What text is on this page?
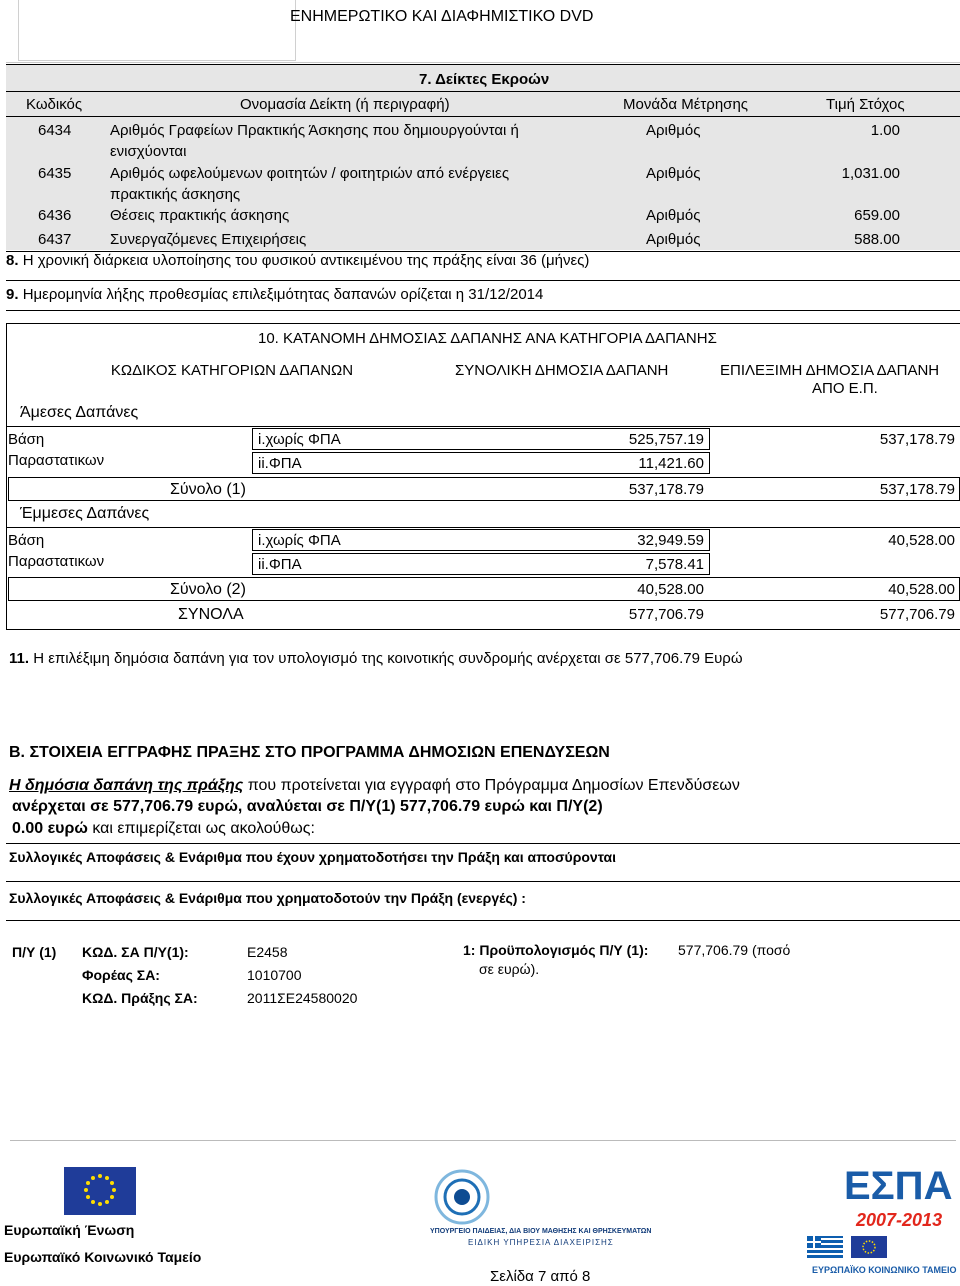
ΕΝΗΜΕΡΩΤΙΚΟ ΚΑΙ ΔΙΑΦΗΜΙΣΤΙΚΟ DVD
7. Δείκτες Εκροών
Κωδικός	Ονομασία Δείκτη (ή περιγραφή)	Μονάδα Μέτρησης	Τιμή Στόχος
6434	Αριθμός Γραφείων Πρακτικής Άσκησης που δημιουργούνται ή
ενισχύονται
Αριθμός	1.00
6435	Αριθμός ωφελούμενων φοιτητών / φοιτητριών από ενέργειες
πρακτικής άσκησης
Αριθμός	1,031.00
6436	Θέσεις πρακτικής άσκησης	Αριθμός	659.00
6437	Συνεργαζόμενες Επιχειρήσεις	Αριθμός	588.00
8. Η χρονική διάρκεια υλοποίησης του φυσικού αντικειμένου της πράξης είναι 36 (μήνες)
9. Ημερομηνία λήξης προθεσμίας επιλεξιμότητας δαπανών ορίζεται η 31/12/2014
10. ΚΑΤΑΝΟΜΗ ΔΗΜΟΣΙΑΣ ΔΑΠΑΝΗΣ ΑΝΑ ΚΑΤΗΓΟΡΙΑ ΔΑΠΑΝΗΣ
ΚΩΔΙΚΟΣ ΚΑΤΗΓΟΡΙΩΝ ΔΑΠΑΝΩΝ	ΣΥΝΟΛΙΚΗ ΔΗΜΟΣΙΑ ΔΑΠΑΝΗ	ΕΠΙΛΕΞΙΜΗ ΔΗΜΟΣΙΑ ΔΑΠΑΝΗ
ΑΠΟ Ε.Π.
Άμεσες Δαπάνες
Βάση
Παραστατικων
i.χωρίς ΦΠΑ	525,757.19	537,178.79
ii.ΦΠΑ	11,421.60
Σύνολο (1)	537,178.79	537,178.79
Έμμεσες Δαπάνες
Βάση
Παραστατικων
i.χωρίς ΦΠΑ	32,949.59	40,528.00
ii.ΦΠΑ	7,578.41
Σύνολο (2)	40,528.00	40,528.00
ΣΥΝΟΛΑ	577,706.79	577,706.79
11. Η επιλέξιμη δημόσια δαπάνη για τον υπολογισμό της κοινοτικής συνδρομής ανέρχεται σε 577,706.79 Ευρώ
Β. ΣΤΟΙΧΕΙΑ ΕΓΓΡΑΦΗΣ ΠΡΑΞΗΣ ΣΤΟ ΠΡΟΓΡΑΜΜΑ ΔΗΜΟΣΙΩΝ ΕΠΕΝΔΥΣΕΩΝ
Η δημόσια δαπάνη της πράξης που προτείνεται για εγγραφή στο Πρόγραμμα Δημοσίων Επενδύσεων
ανέρχεται σε 577,706.79 ευρώ, αναλύεται σε Π/Υ(1) 577,706.79 ευρώ και Π/Υ(2)
0.00 ευρώ και επιμερίζεται ως ακολούθως:
Συλλογικές Αποφάσεις & Ενάριθμα που έχουν χρηματοδοτήσει την Πράξη και αποσύρονται
Συλλογικές Αποφάσεις & Ενάριθμα που χρηματοδοτούν την Πράξη (ενεργές) :
Π/Υ (1) ΚΩΔ. ΣΑ Π/Υ(1):	Ε2458
Φορέας ΣΑ:	1010700
ΚΩΔ. Πράξης ΣΑ:	2011ΣΕ24580020
1: Προϋπολογισμός Π/Υ (1): 577,706.79 (ποσό
σε ευρώ).
Ευρωπαϊκή Ένωση
Ευρωπαϊκό Κοινωνικό Ταμείο
ΥΠΟΥΡΓΕΙΟ ΠΑΙΔΕΙΑΣ, ΔΙΑ ΒΙΟΥ ΜΑΘΗΣΗΣ ΚΑΙ ΘΡΗΣΚΕΥΜΑΤΩΝ
ΕΙΔΙΚΗ ΥΠΗΡΕΣΙΑ ΔΙΑΧΕΙΡΙΣΗΣ
ΕΣΠΑ
2007-2013
ΕΥΡΩΠΑΪΚΟ ΚΟΙΝΩΝΙΚΟ ΤΑΜΕΙΟ
Σελίδα 7 από 8
